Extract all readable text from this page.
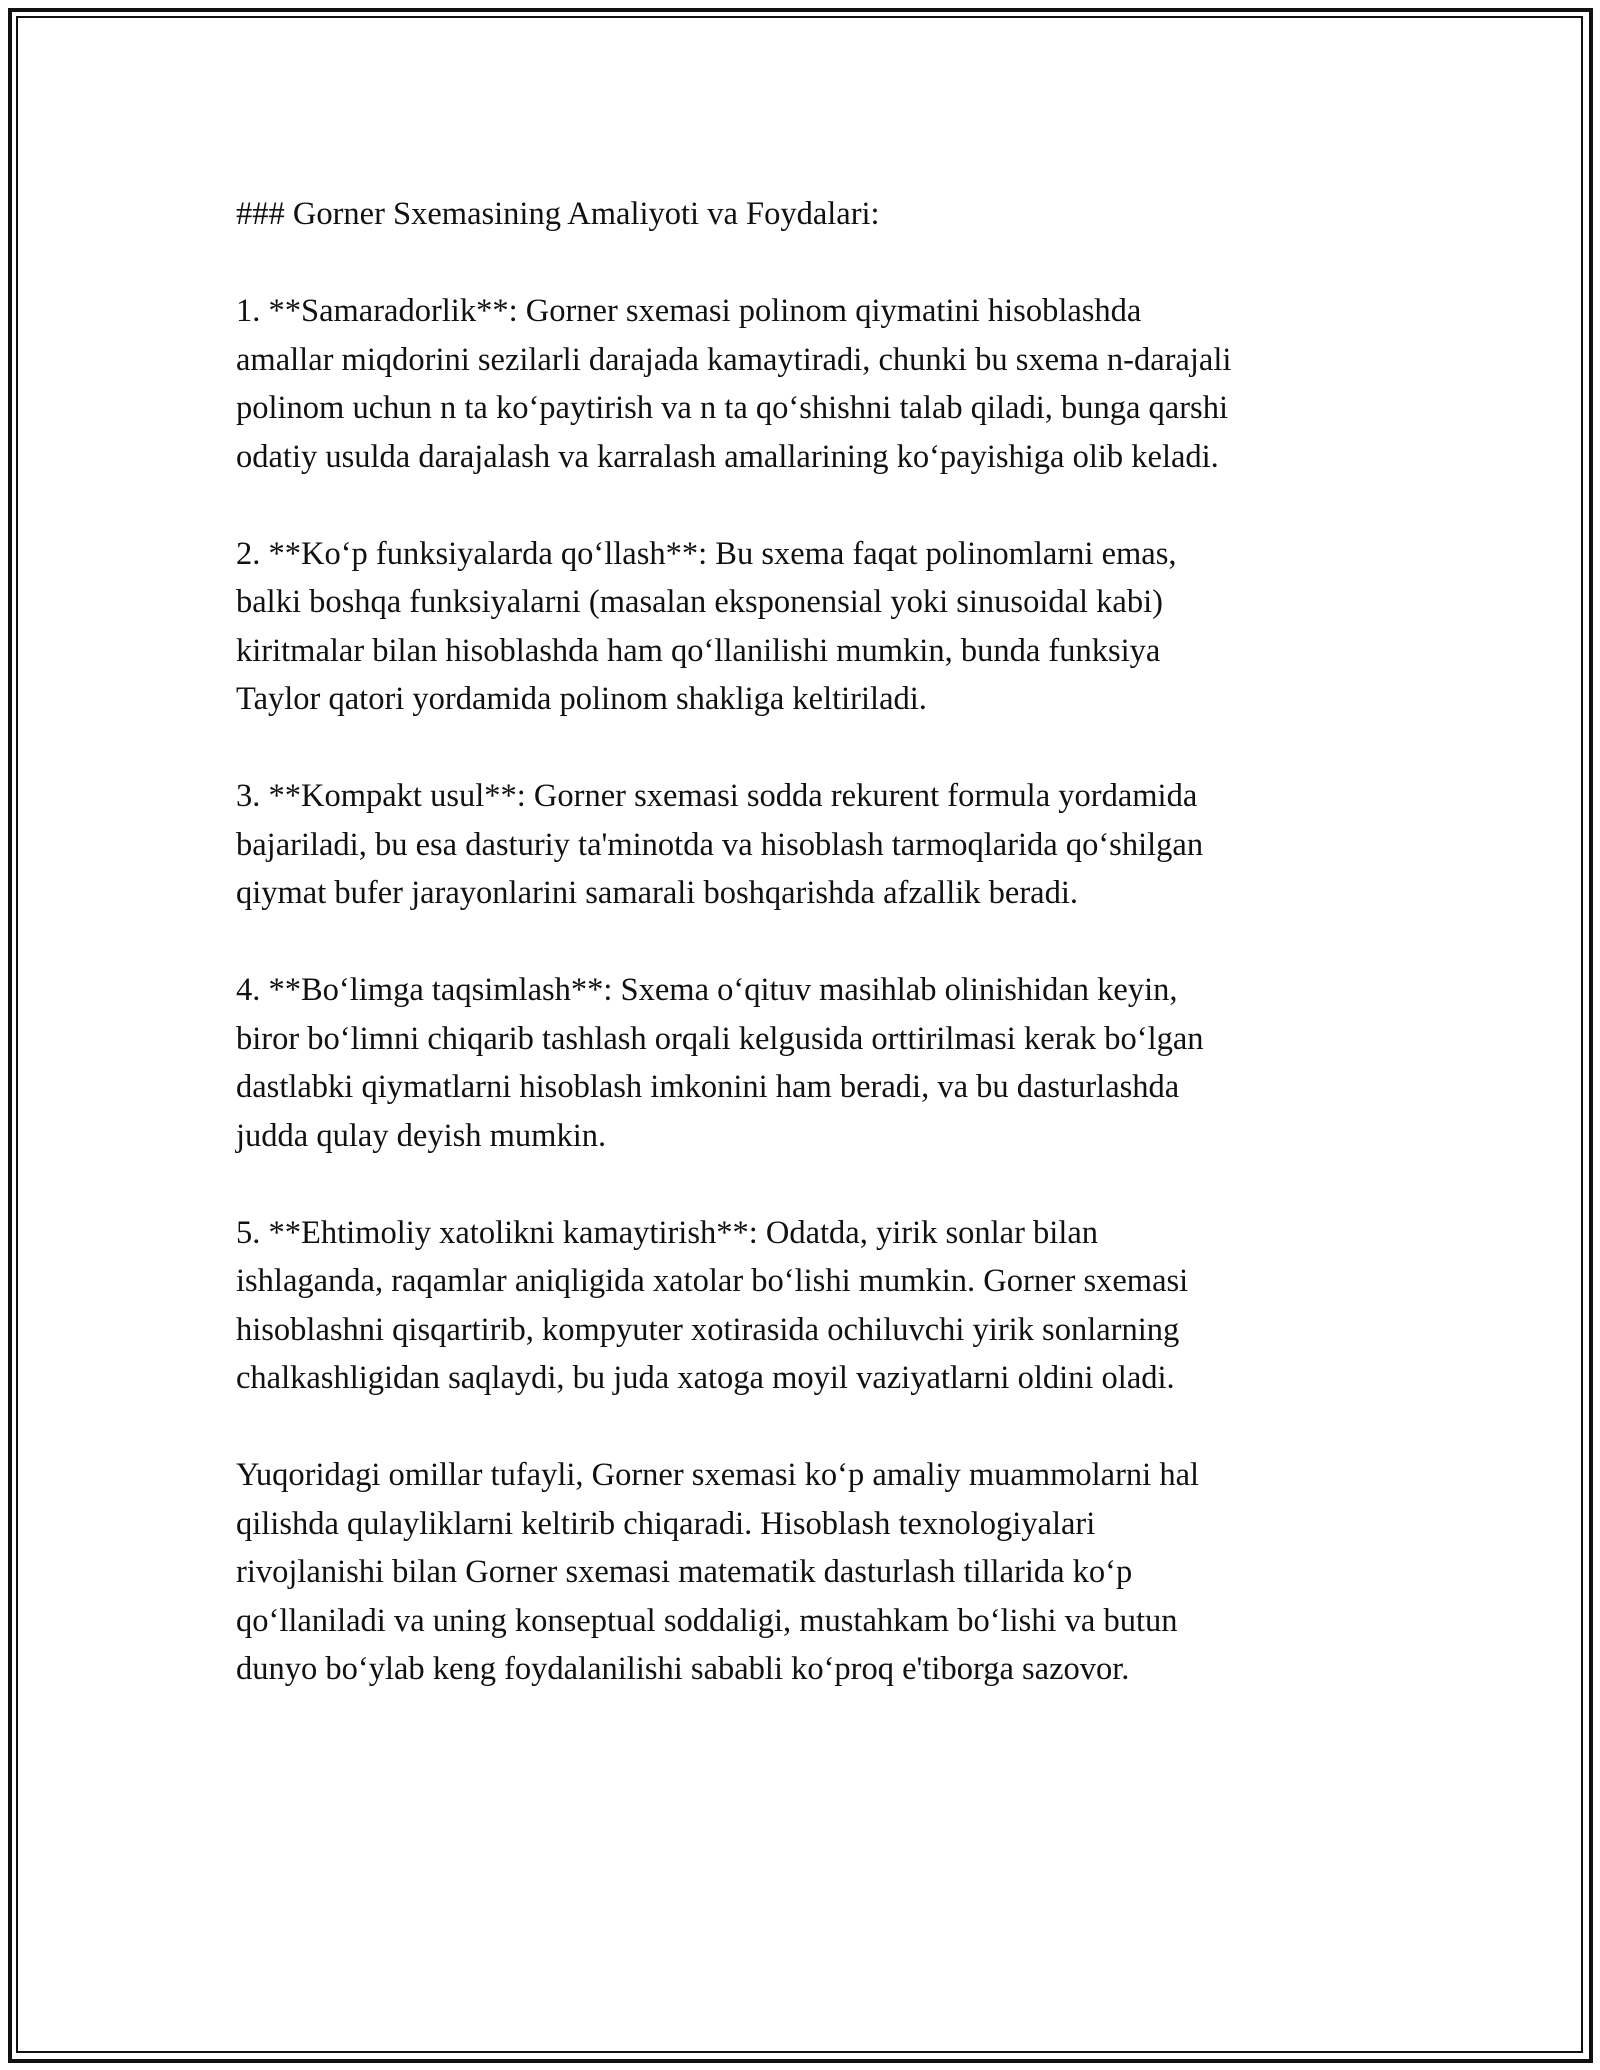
### Gorner Sxemasining Amaliyoti va Foydalari:

1. **Samaradorlik**: Gorner sxemasi polinom qiymatini hisoblashda
amallar miqdorini sezilarli darajada kamaytiradi, chunki bu sxema n-darajali
polinom uchun n ta ko‘paytirish va n ta qo‘shishni talab qiladi, bunga qarshi
odatiy usulda darajalash va karralash amallarining ko‘payishiga olib keladi.

2. **Ko‘p funksiyalarda qo‘llash**: Bu sxema faqat polinomlarni emas,
balki boshqa funksiyalarni (masalan eksponensial yoki sinusoidal kabi)
kiritmalar bilan hisoblashda ham qo‘llanilishi mumkin, bunda funksiya
Taylor qatori yordamida polinom shakliga keltiriladi.

3. **Kompakt usul**: Gorner sxemasi sodda rekurent formula yordamida
bajariladi, bu esa dasturiy ta'minotda va hisoblash tarmoqlarida qo‘shilgan
qiymat bufer jarayonlarini samarali boshqarishda afzallik beradi.

4. **Bo‘limga taqsimlash**: Sxema o‘qituv masihlab olinishidan keyin,
biror bo‘limni chiqarib tashlash orqali kelgusida orttirilmasi kerak bo‘lgan
dastlabki qiymatlarni hisoblash imkonini ham beradi, va bu dasturlashda
judda qulay deyish mumkin.

5. **Ehtimoliy xatolikni kamaytirish**: Odatda, yirik sonlar bilan
ishlaganda, raqamlar aniqligida xatolar bo‘lishi mumkin. Gorner sxemasi
hisoblashni qisqartirib, kompyuter xotirasida ochiluvchi yirik sonlarning
chalkashligidan saqlaydi, bu juda xatoga moyil vaziyatlarni oldini oladi.

Yuqoridagi omillar tufayli, Gorner sxemasi ko‘p amaliy muammolarni hal
qilishda qulayliklarni keltirib chiqaradi. Hisoblash texnologiyalari
rivojlanishi bilan Gorner sxemasi matematik dasturlash tillarida ko‘p
qo‘llaniladi va uning konseptual soddaligi, mustahkam bo‘lishi va butun
dunyo bo‘ylab keng foydalanilishi sababli ko‘proq e'tiborga sazovor.
